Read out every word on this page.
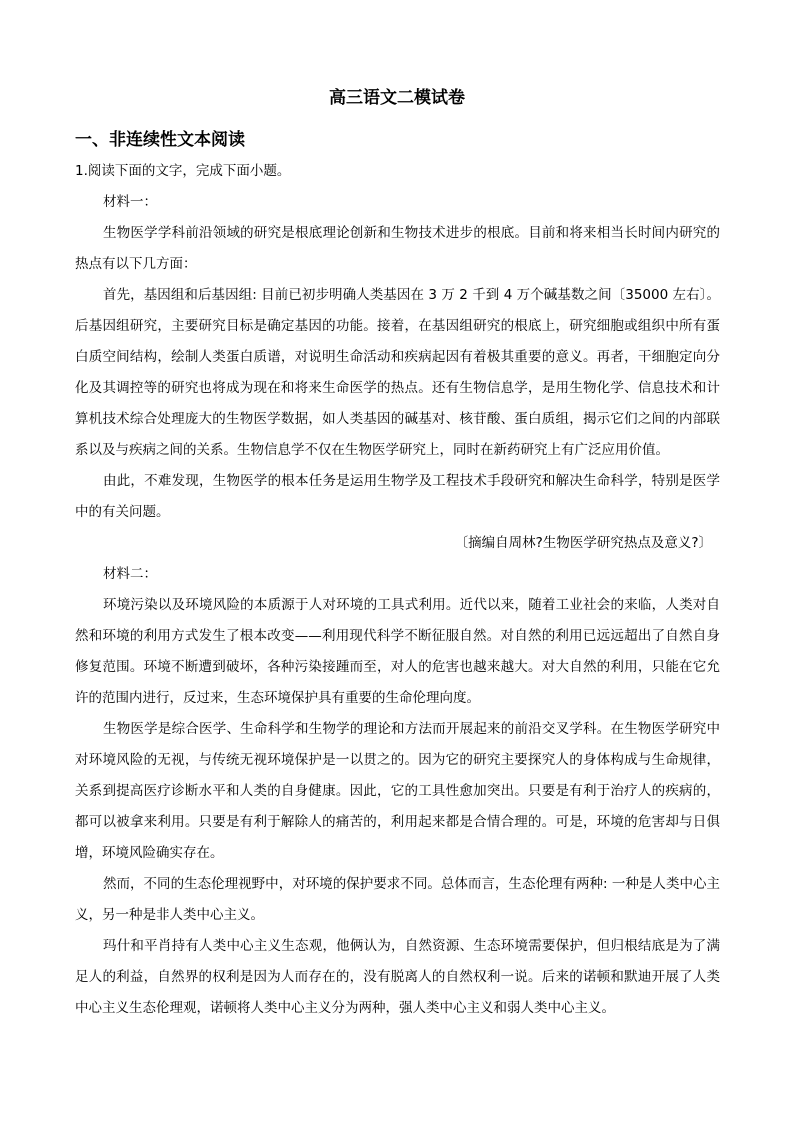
高三语文二模试卷
一、非连续性文本阅读

1.阅读下面的文字，完成下面小题。

材料一：

生物医学学科前沿领域的研究是根底理论创新和生物技术进步的根底。目前和将来相当长时间内研究的热点有以下几方面：

首先，基因组和后基因组: 目前已初步明确人类基因在 3 万 2 千到 4 万个碱基数之间〔35000 左右〕。后基因组研究，主要研究目标是确定基因的功能。接着，在基因组研究的根底上，研究细胞或组织中所有蛋白质空间结构，绘制人类蛋白质谱，对说明生命活动和疾病起因有着极其重要的意义。再者，干细胞定向分化及其调控等的研究也将成为现在和将来生命医学的热点。还有生物信息学，是用生物化学、信息技术和计算机技术综合处理庞大的生物医学数据，如人类基因的碱基对、核苷酸、蛋白质组，揭示它们之间的内部联系以及与疾病之间的关系。生物信息学不仅在生物医学研究上，同时在新药研究上有广泛应用价值。

由此，不难发现，生物医学的根本任务是运用生物学及工程技术手段研究和解决生命科学，特别是医学中的有关问题。

〔摘编自周林?生物医学研究热点及意义?〕

材料二：

环境污染以及环境风险的本质源于人对环境的工具式利用。近代以来，随着工业社会的来临，人类对自然和环境的利用方式发生了根本改变——利用现代科学不断征服自然。对自然的利用已远远超出了自然自身修复范围。环境不断遭到破坏，各种污染接踵而至，对人的危害也越来越大。对大自然的利用，只能在它允许的范围内进行，反过来，生态环境保护具有重要的生命伦理向度。

生物医学是综合医学、生命科学和生物学的理论和方法而开展起来的前沿交叉学科。在生物医学研究中对环境风险的无视，与传统无视环境保护是一以贯之的。因为它的研究主要探究人的身体构成与生命规律，关系到提高医疗诊断水平和人类的自身健康。因此，它的工具性愈加突出。只要是有利于治疗人的疾病的，都可以被拿来利用。只要是有利于解除人的痛苦的，利用起来都是合情合理的。可是，环境的危害却与日俱增，环境风险确实存在。

然而，不同的生态伦理视野中，对环境的保护要求不同。总体而言，生态伦理有两种: 一种是人类中心主义，另一种是非人类中心主义。

玛什和平肖持有人类中心主义生态观，他俩认为，自然资源、生态环境需要保护，但归根结底是为了满足人的利益，自然界的权利是因为人而存在的，没有脱离人的自然权利一说。后来的诺顿和默迪开展了人类中心主义生态伦理观，诺顿将人类中心主义分为两种，强人类中心主义和弱人类中心主义。
